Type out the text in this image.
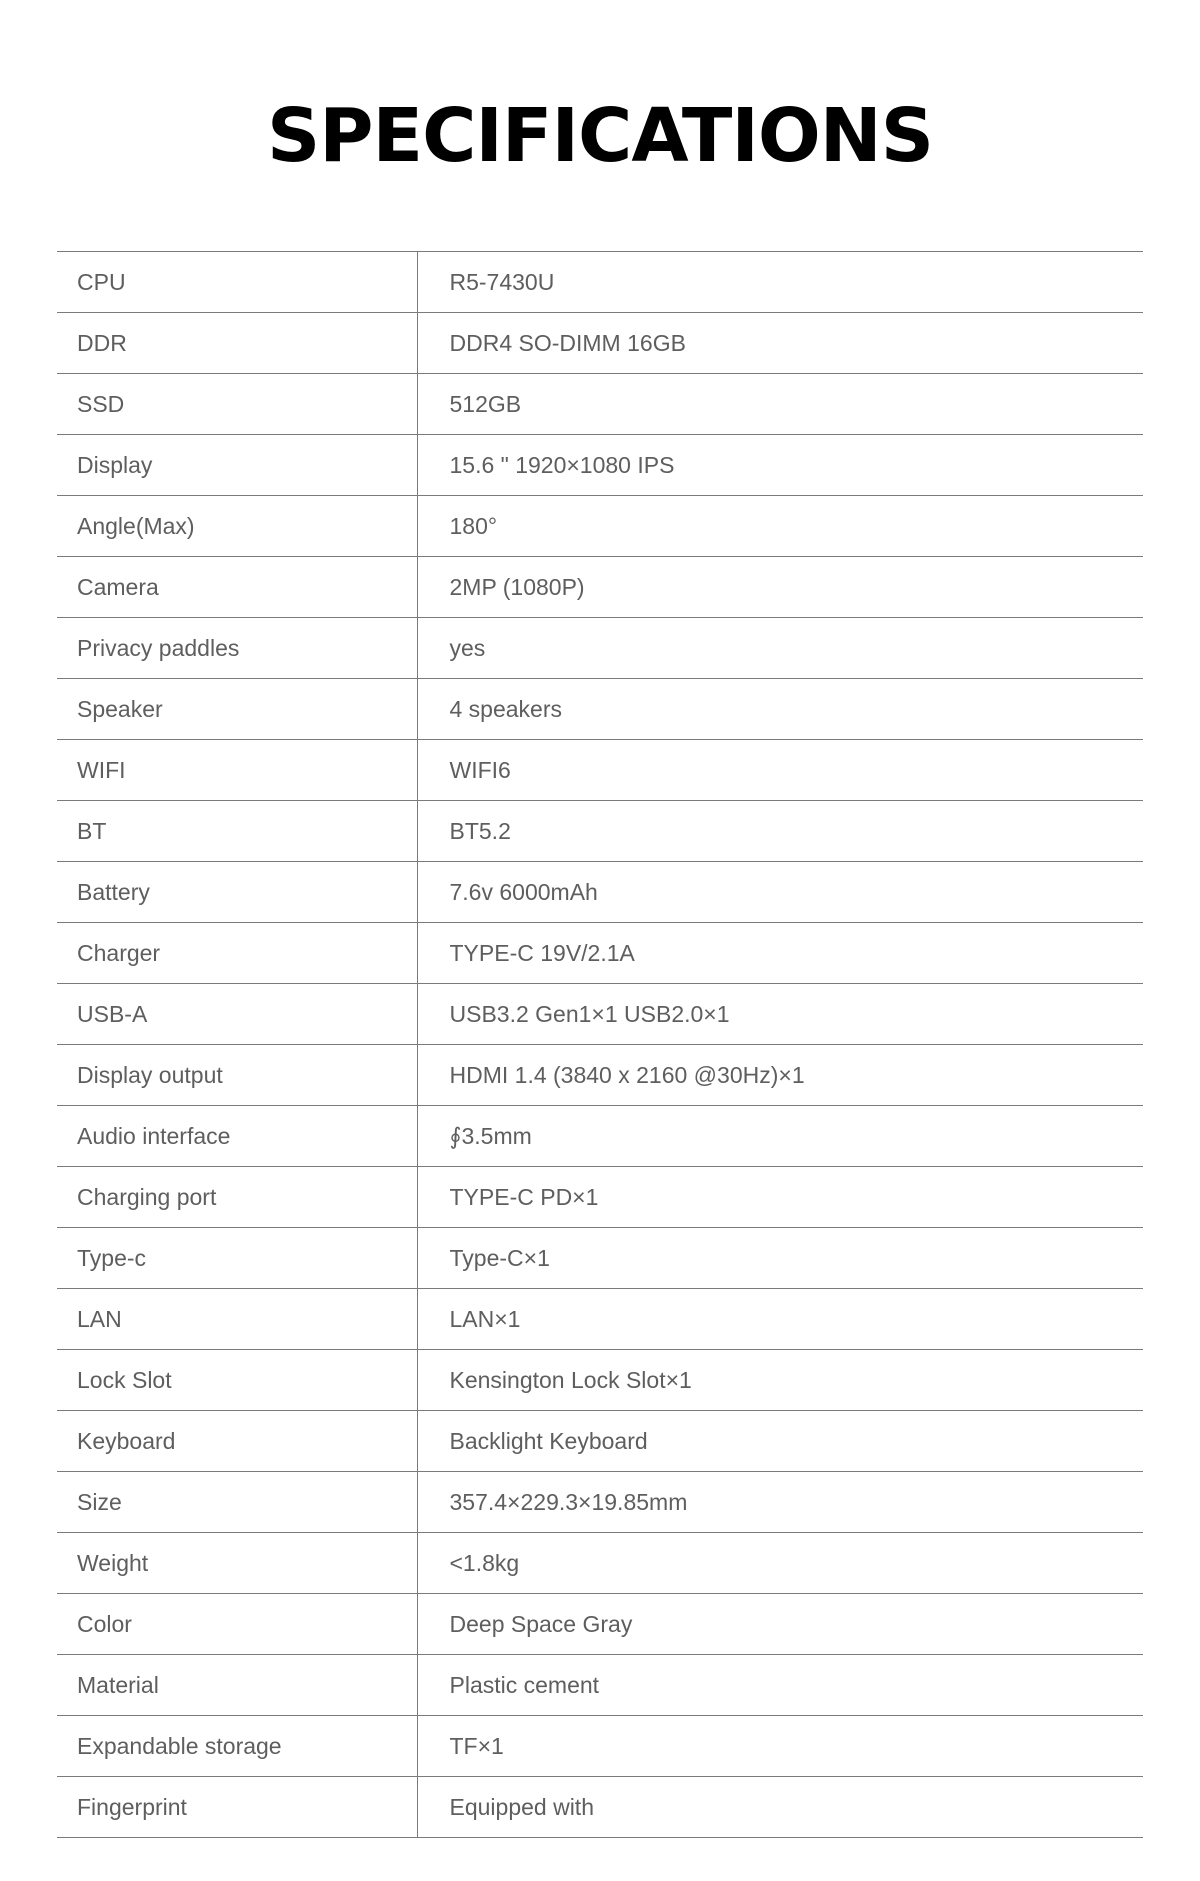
SPECIFICATIONS
CPU	R5-7430U
DDR	DDR4 SO-DIMM 16GB
SSD	512GB
Display	15.6 " 1920×1080 IPS
Angle(Max)	180°
Camera	2MP (1080P)
Privacy paddles	yes
Speaker	4 speakers
WIFI	WIFI6
BT	BT5.2
Battery	7.6v 6000mAh
Charger	TYPE-C 19V/2.1A
USB-A	USB3.2 Gen1×1 USB2.0×1
Display output	HDMI 1.4 (3840 x 2160 @30Hz)×1
Audio interface	∮3.5mm
Charging port	TYPE-C PD×1
Type-c	Type-C×1
LAN	LAN×1
Lock Slot	Kensington Lock Slot×1
Keyboard	Backlight Keyboard
Size	357.4×229.3×19.85mm
Weight	<1.8kg
Color	Deep Space Gray
Material	Plastic cement
Expandable storage	TF×1
Fingerprint	Equipped with
